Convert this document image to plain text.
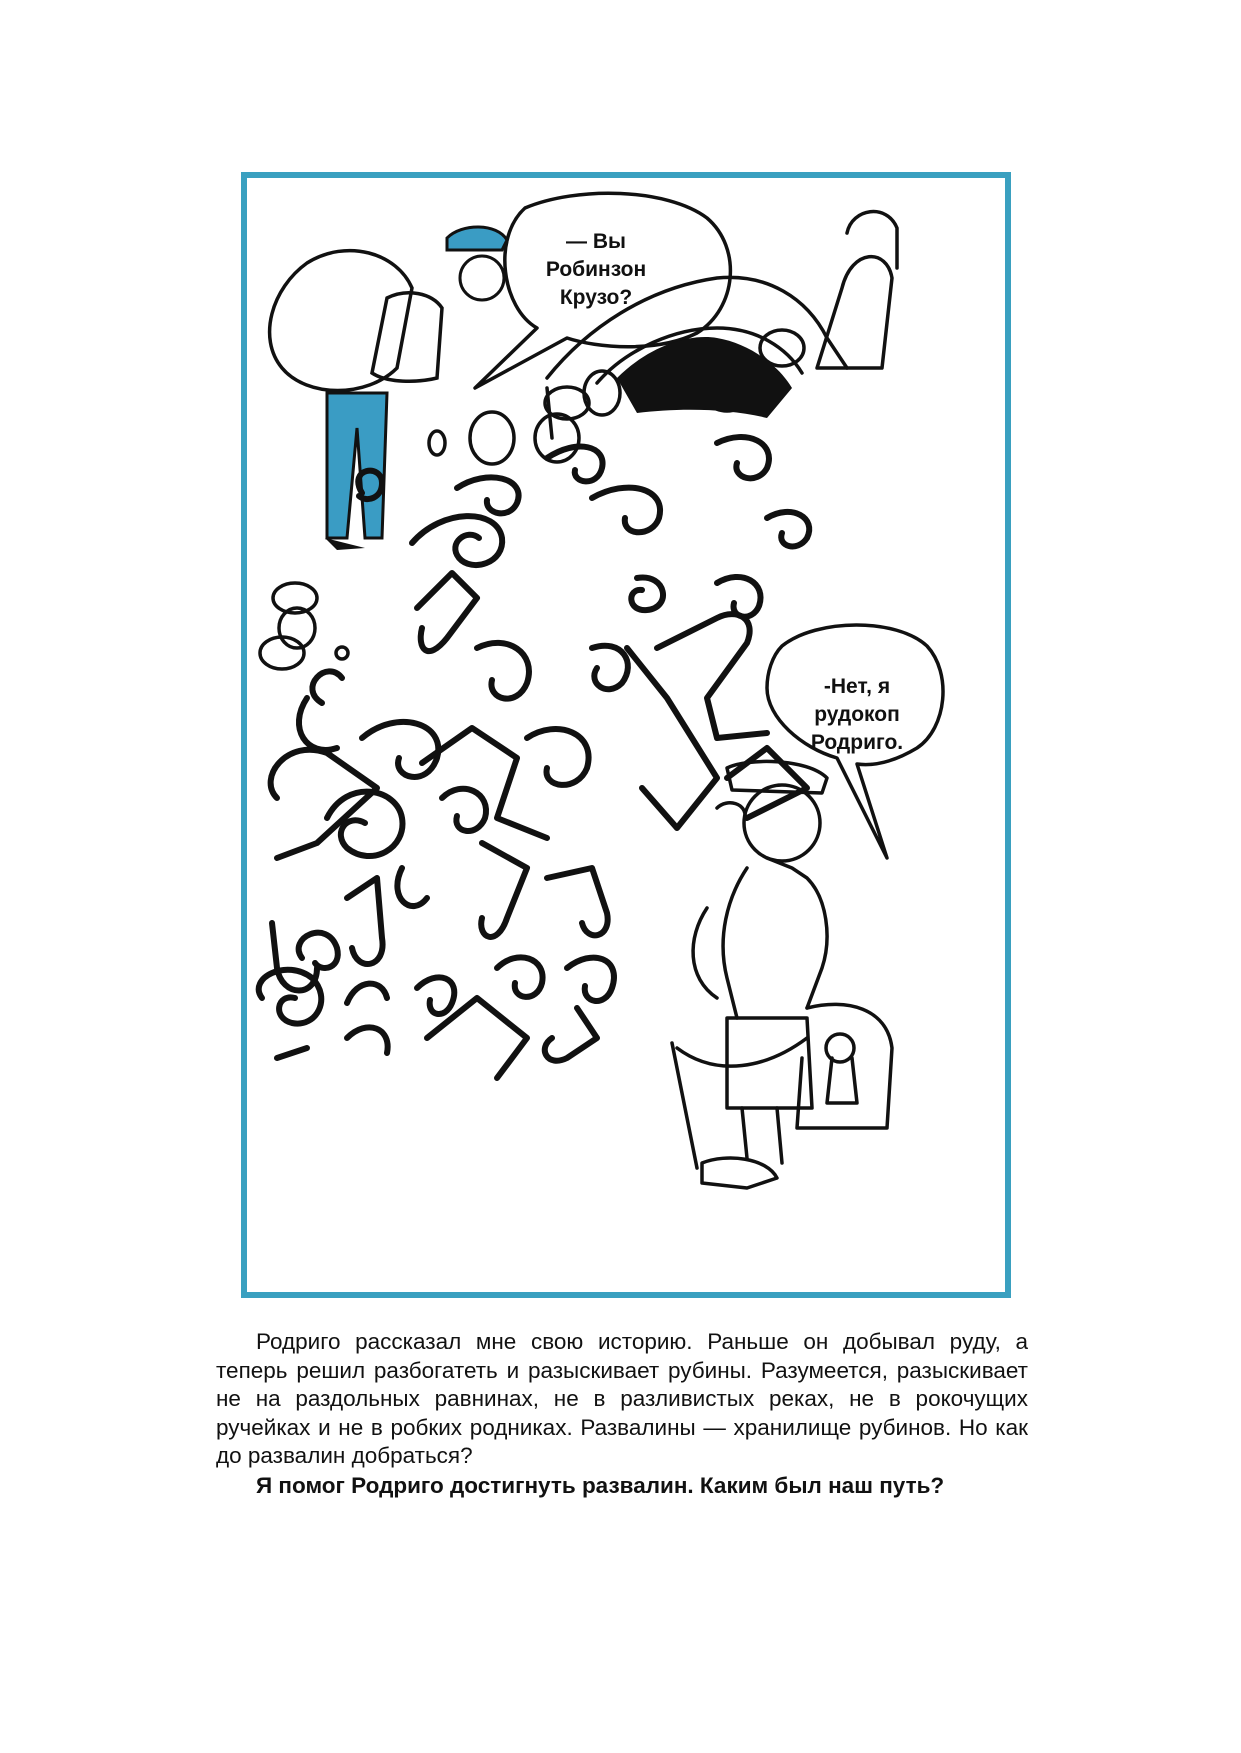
— Вы Робинзон Крузо?
-Нет, я рудокоп Родриго.

Родриго рассказал мне свою историю. Раньше он добывал руду, а теперь решил разбогатеть и разыскивает рубины. Разумеется, разыскивает не на раздольных равнинах, не в разливистых реках, не в рокочущих ручейках и не в робких родниках. Развалины — хранилище рубинов. Но как до развалин добраться?

Я помог Родриго достигнуть развалин. Каким был наш путь?
